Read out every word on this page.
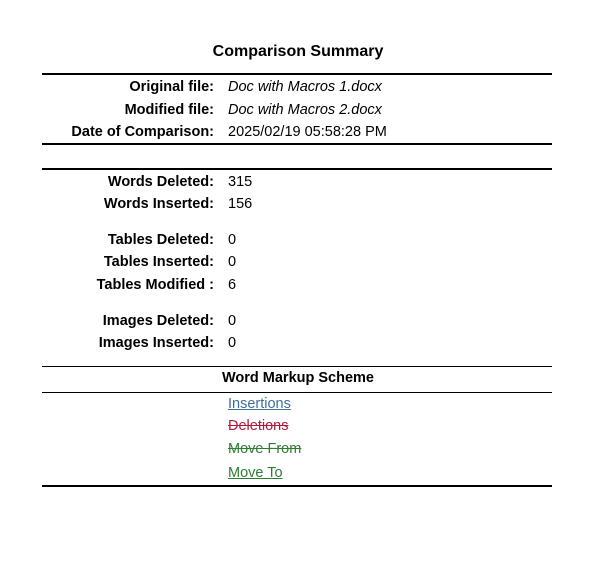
Comparison Summary
Original file: Doc with Macros 1.docx
Modified file: Doc with Macros 2.docx
Date of Comparison: 2025/02/19 05:58:28 PM
Words Deleted: 315
Words Inserted: 156
Tables Deleted: 0
Tables Inserted: 0
Tables Modified : 6
Images Deleted: 0
Images Inserted: 0
Word Markup Scheme
Insertions
Deletions
Move From
Move To
